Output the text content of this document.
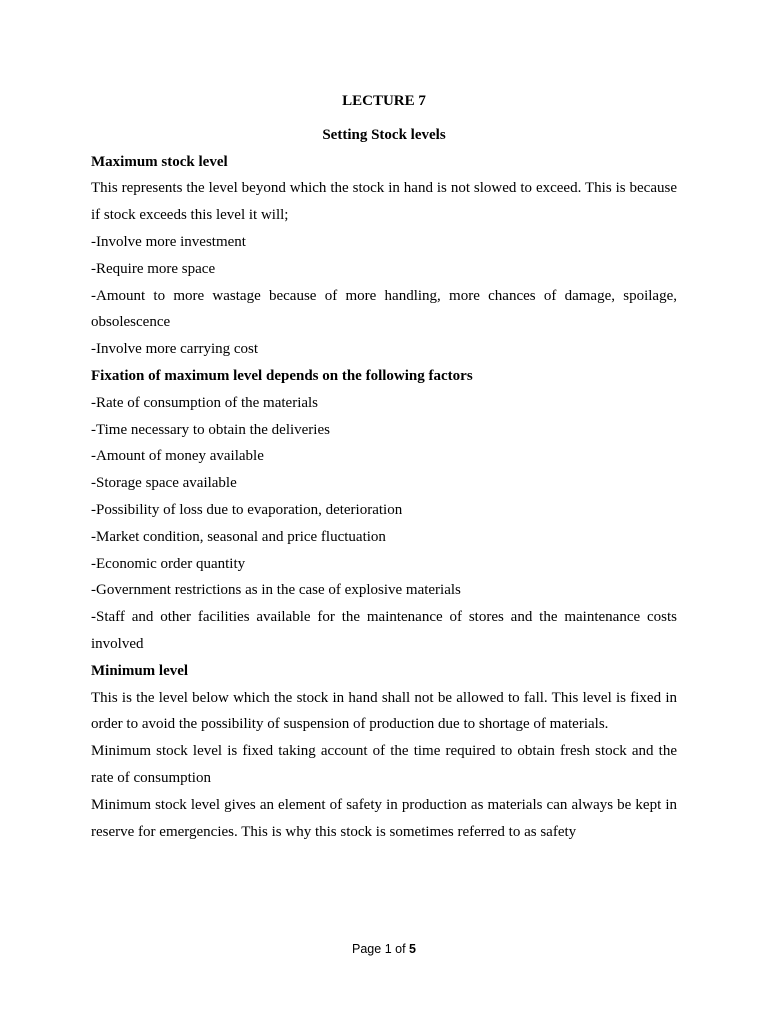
LECTURE 7

Setting Stock levels

Maximum stock level

This represents the level beyond which the stock in hand is not slowed to exceed. This is because if stock exceeds this level it will;

-Involve more investment
-Require more space
-Amount to more wastage because of more handling, more chances of damage, spoilage, obsolescence
-Involve more carrying cost

Fixation of maximum level depends on the following factors

-Rate of consumption of the materials
-Time necessary to obtain the deliveries
-Amount of money available
-Storage space available
-Possibility of loss due to evaporation, deterioration
-Market condition, seasonal and price fluctuation
-Economic order quantity
-Government restrictions as in the case of explosive materials
-Staff and other facilities available for the maintenance of stores and the maintenance costs involved

Minimum level

This is the level below which the stock in hand shall not be allowed to fall. This level is fixed in order to avoid the possibility of suspension of production due to shortage of materials.

Minimum stock level is fixed taking account of the time required to obtain fresh stock and the rate of consumption

Minimum stock level gives an element of safety in production as materials can always be kept in reserve for emergencies. This is why this stock is sometimes referred to as safety

Page 1 of 5
